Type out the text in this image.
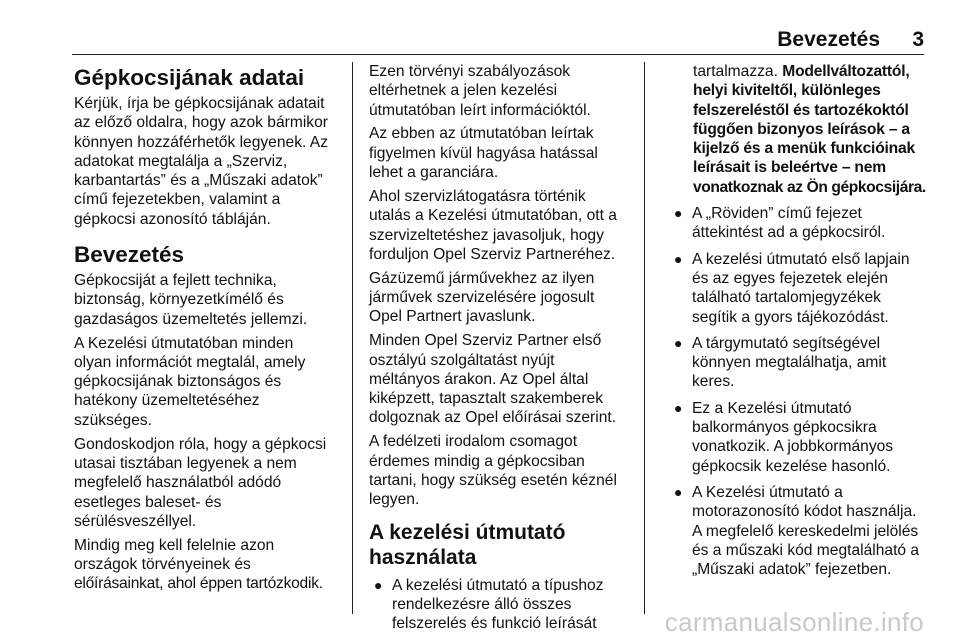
Bevezetés 3
Gépkocsijának adatai

Kérjük, írja be gépkocsijának adatait
az előző oldalra, hogy azok bármikor
könnyen hozzáférhetők legyenek. Az
adatokat megtalálja a „Szerviz,
karbantartás” és a „Műszaki adatok”
című fejezetekben, valamint a
gépkocsi azonosító tábláján.

Bevezetés

Gépkocsiját a fejlett technika,
biztonság, környezetkímélő és
gazdaságos üzemeltetés jellemzi.

A Kezelési útmutatóban minden
olyan információt megtalál, amely
gépkocsijának biztonságos és
hatékony üzemeltetéséhez
szükséges.

Gondoskodjon róla, hogy a gépkocsi
utasai tisztában legyenek a nem
megfelelő használatból adódó
esetleges baleset- és
sérülésveszéllyel.

Mindig meg kell felelnie azon
országok törvényeinek és
előírásainkat, ahol éppen tartózkodik.

Ezen törvényi szabályozások
eltérhetnek a jelen kezelési
útmutatóban leírt információktól.

Az ebben az útmutatóban leírtak
figyelmen kívül hagyása hatással
lehet a garanciára.

Ahol szervizlátogatásra történik
utalás a Kezelési útmutatóban, ott a
szervizeltetéshez javasoljuk, hogy
forduljon Opel Szerviz Partneréhez.

Gázüzemű járművekhez az ilyen
járművek szervizelésére jogosult
Opel Partnert javaslunk.

Minden Opel Szerviz Partner első
osztályú szolgáltatást nyújt
méltányos árakon. Az Opel által
kiképzett, tapasztalt szakemberek
dolgoznak az Opel előírásai szerint.

A fedélzeti irodalom csomagot
érdemes mindig a gépkocsiban
tartani, hogy szükség esetén kéznél
legyen.

A kezelési útmutató
használata
● A kezelési útmutató a típushoz
rendelkezésre álló összes
felszerelés és funkció leírását
tartalmazza. Modellváltozattól,
helyi kiviteltől, különleges
felszereléstől és tartozékoktól
függően bizonyos leírások – a
kijelző és a menük funkcióinak
leírásait is beleértve – nem
vonatkoznak az Ön gépkocsijára.
● A „Röviden” című fejezet
áttekintést ad a gépkocsiról.
● A kezelési útmutató első lapjain
és az egyes fejezetek elején
található tartalomjegyzékek
segítik a gyors tájékozódást.
● A tárgymutató segítségével
könnyen megtalálhatja, amit
keres.
● Ez a Kezelési útmutató
balkormányos gépkocsikra
vonatkozik. A jobbkormányos
gépkocsik kezelése hasonló.
● A Kezelési útmutató a
motorazonosító kódot használja.
A megfelelő kereskedelmi jelölés
és a műszaki kód megtalálható a
„Műszaki adatok” fejezetben.
carmanualsonline.info
